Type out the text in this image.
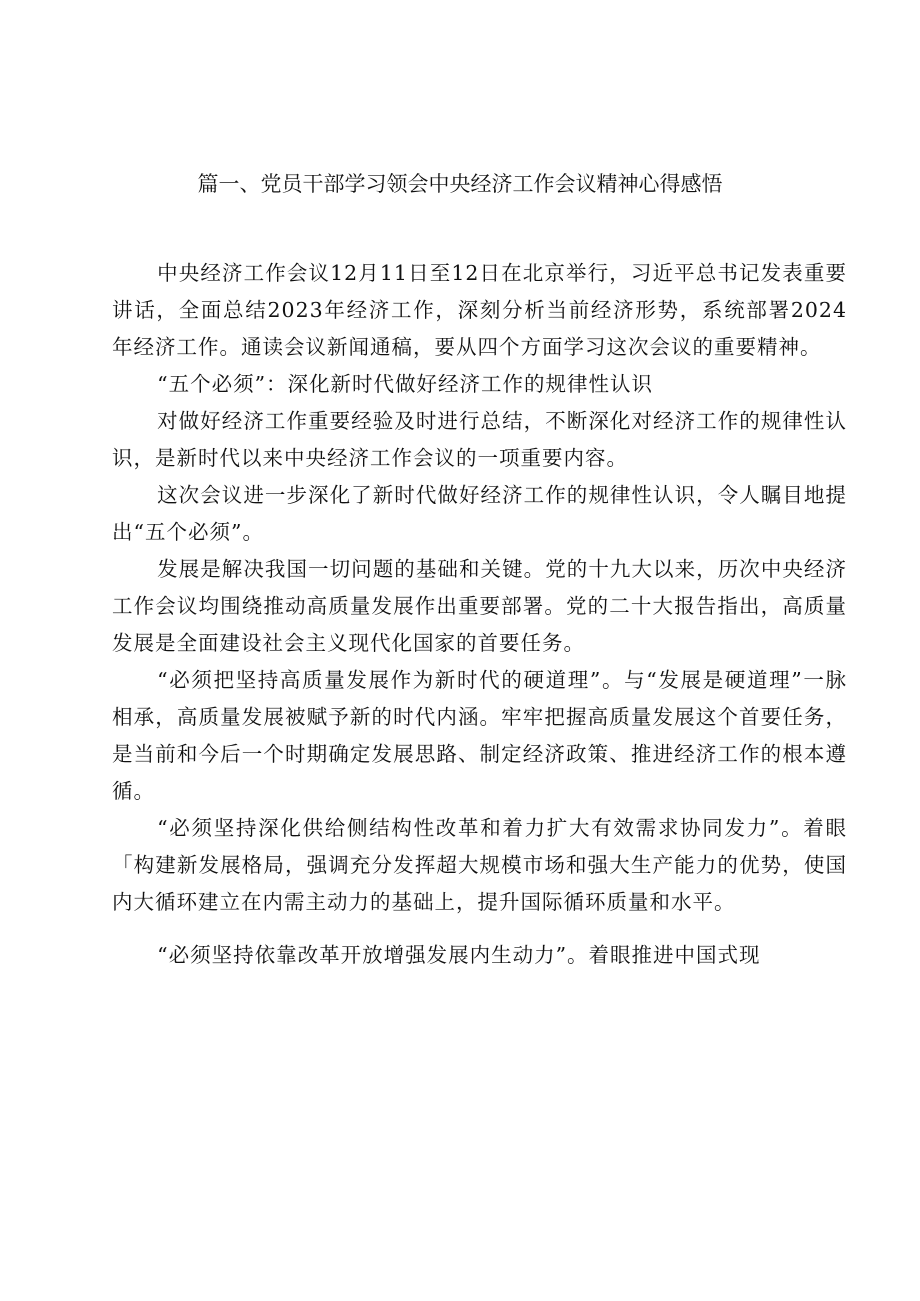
篇一、党员干部学习领会中央经济工作会议精神心得感悟

中央经济工作会议12月11日至12日在北京举行，习近平总书记发表重要讲话，全面总结2023年经济工作，深刻分析当前经济形势，系统部署2024年经济工作。通读会议新闻通稿，要从四个方面学习这次会议的重要精神。

“五个必须”：深化新时代做好经济工作的规律性认识

对做好经济工作重要经验及时进行总结，不断深化对经济工作的规律性认识，是新时代以来中央经济工作会议的一项重要内容。

这次会议进一步深化了新时代做好经济工作的规律性认识，令人瞩目地提出“五个必须”。

发展是解决我国一切问题的基础和关键。党的十九大以来，历次中央经济工作会议均围绕推动高质量发展作出重要部署。党的二十大报告指出，高质量发展是全面建设社会主义现代化国家的首要任务。

“必须把坚持高质量发展作为新时代的硬道理”。与“发展是硬道理”一脉相承，高质量发展被赋予新的时代内涵。牢牢把握高质量发展这个首要任务，是当前和今后一个时期确定发展思路、制定经济政策、推进经济工作的根本遵循。

“必须坚持深化供给侧结构性改革和着力扩大有效需求协同发力”。着眼「构建新发展格局，强调充分发挥超大规模市场和强大生产能力的优势，使国内大循环建立在内需主动力的基础上，提升国际循环质量和水平。

“必须坚持依靠改革开放增强发展内生动力”。着眼推进中国式现
